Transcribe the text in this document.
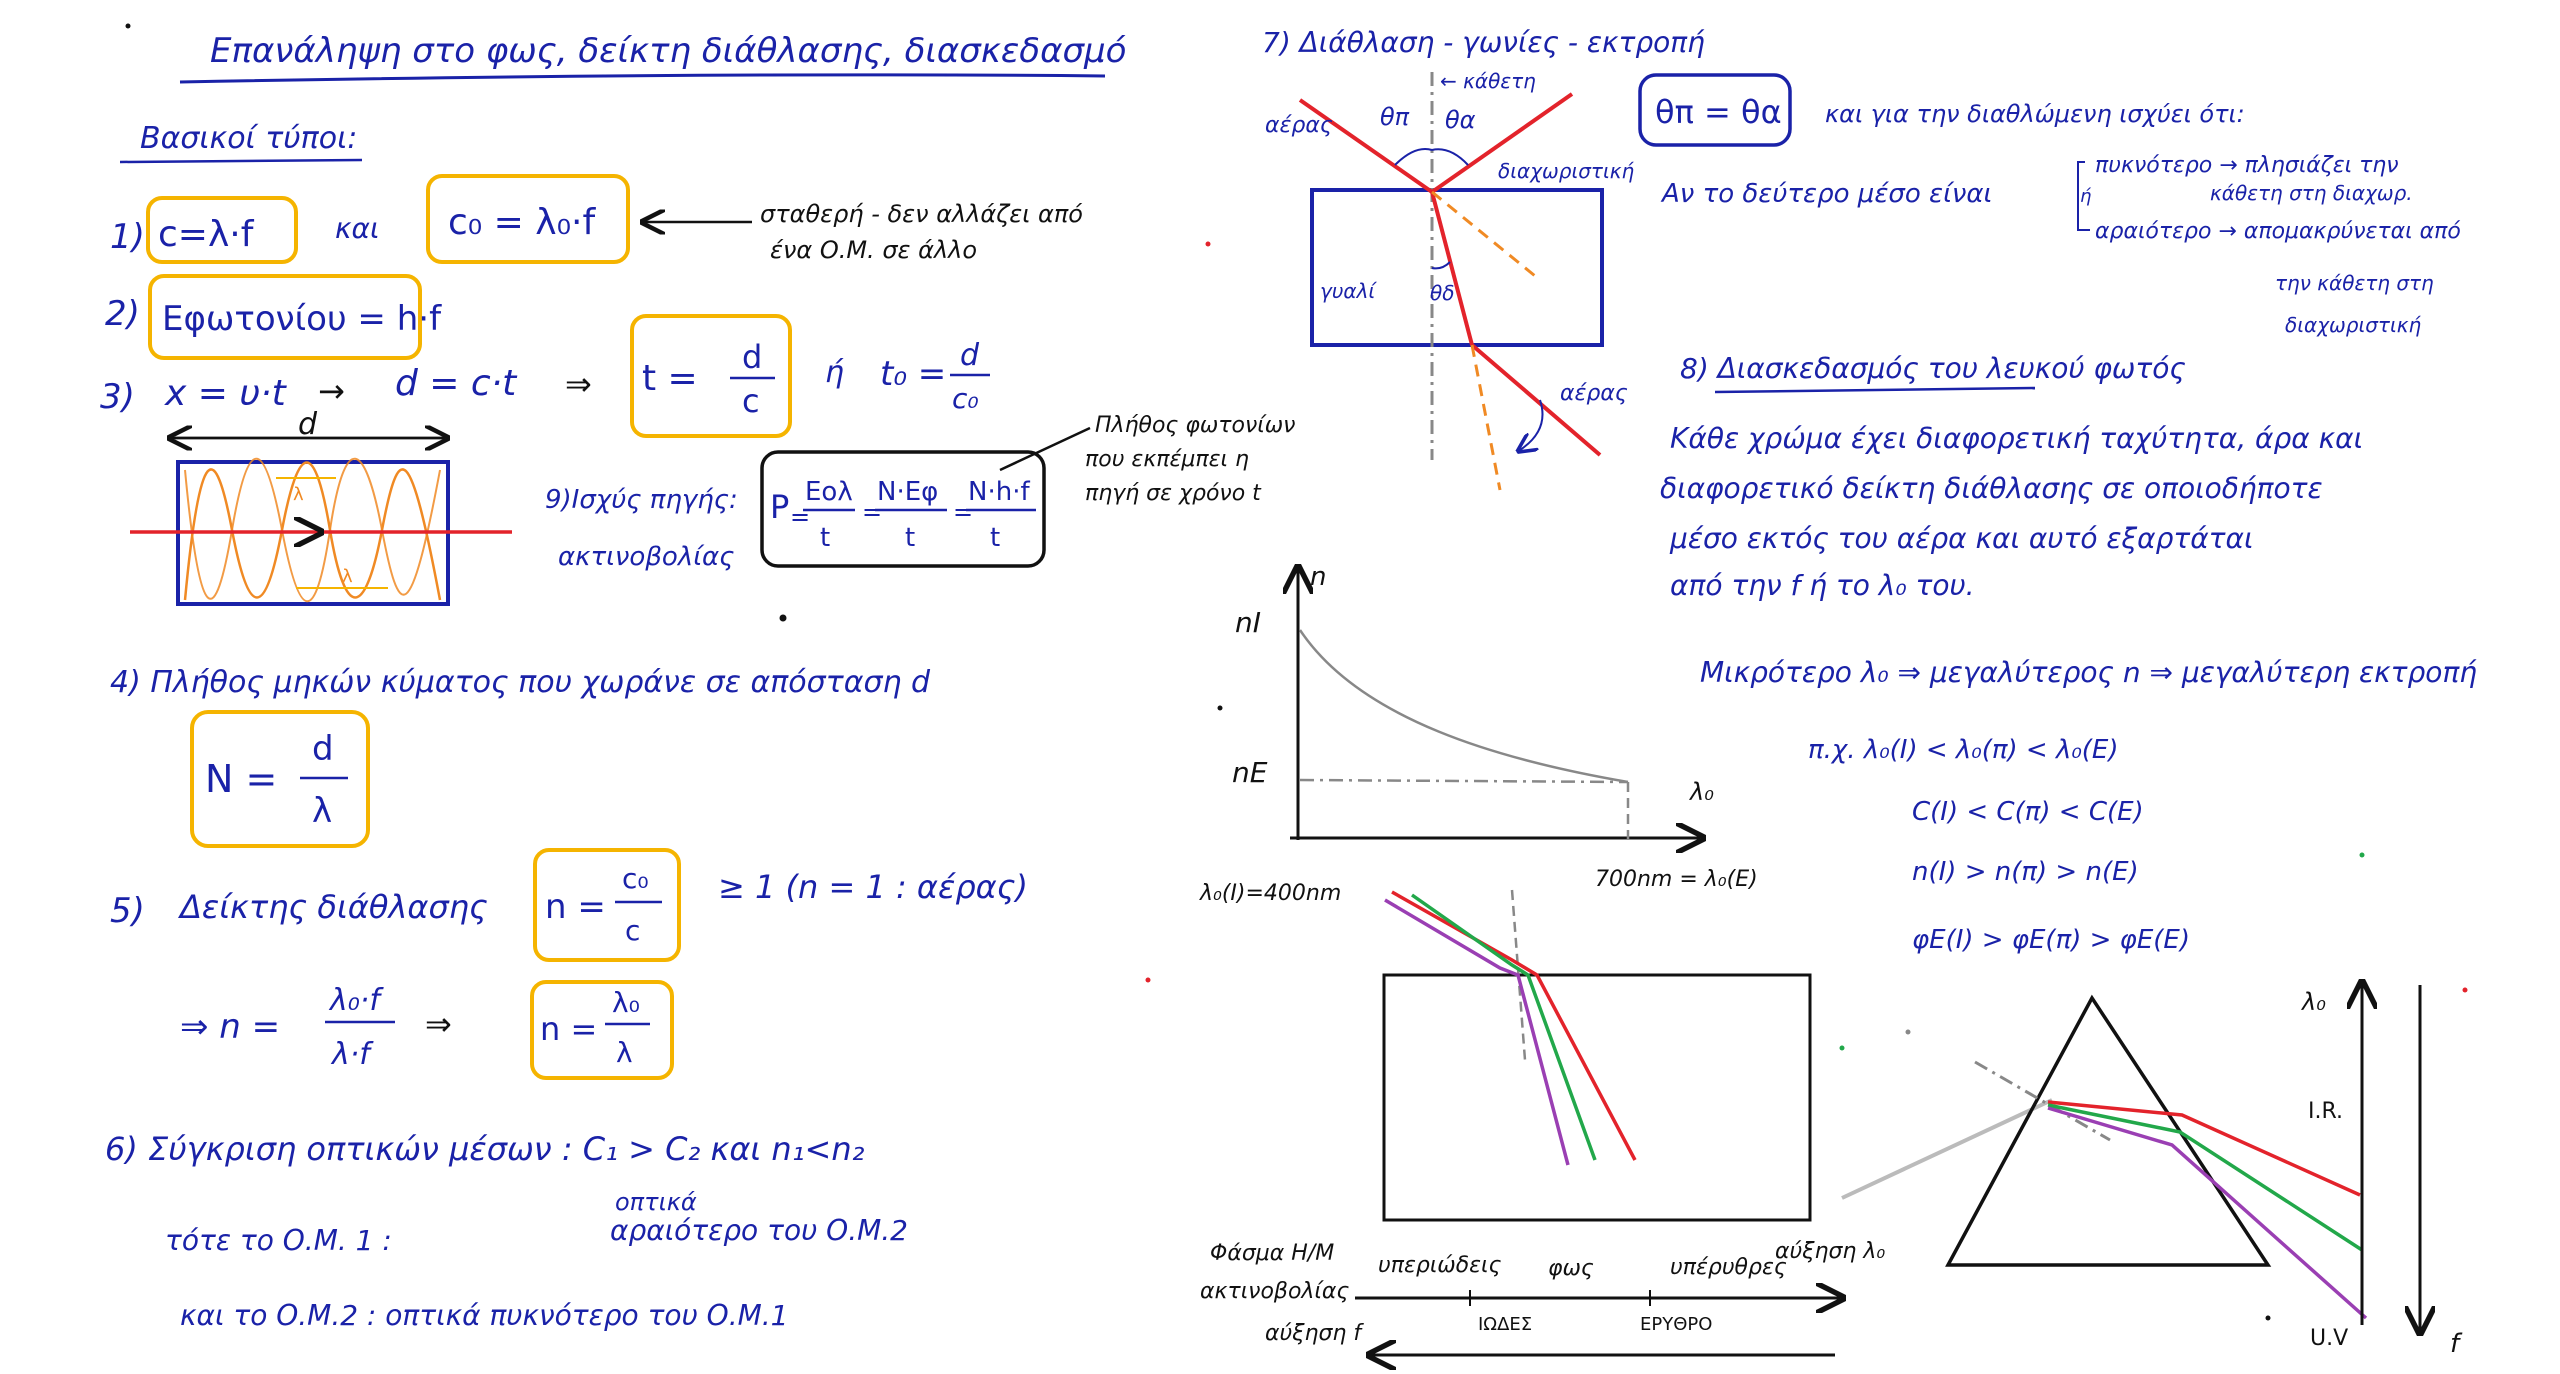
Επανάληψη στο φως, δείκτη διάθλασης, διασκεδασμό
Βασικοί τύποι:
1) c=λ·f	και c₀ = λ₀·f	σταθερή - δεν αλλάζει από
ένα Ο.Μ. σε άλλο
2) Eφωτονίου = h·f
3) x = υ·t → d = c·t ⇒ t =
d
c
ή t₀ = d
c₀
d
λ
λ
9)Ισχύς πηγής:
ακτινοβολίας
P =
Eολ
t
=
N·Eφ
t
=
N·h·f
t
Πλήθος φωτονίων
που εκπέμπει η
πηγή σε χρόνο t
4) Πλήθος μηκών κύματος που χωράνε σε απόσταση d
N =
d
λ
5) Δείκτης διάθλασης n =
c₀
c
≥ 1 (n = 1 : αέρας)
⇒ n =
λ₀·f
λ·f
⇒	n =
λ₀
λ
6) Σύγκριση οπτικών μέσων : C₁ > C₂ και n₁<n₂
τότε το Ο.Μ. 1 :
οπτικά
αραιότερο του Ο.Μ.2
και το Ο.Μ.2 : οπτικά πυκνότερο του Ο.Μ.1
7) Διάθλαση - γωνίες - εκτροπή
← κάθετη
αέρας θπ θα
διαχωριστική
γυαλί	θδ
αέρας
θπ = θα και για την διαθλώμενη ισχύει ότι:
Αν το δεύτερο μέσο είναι	ή
πυκνότερο → πλησιάζει την
κάθετη στη διαχωρ.
αραιότερο → απομακρύνεται από
την κάθετη στη
διαχωριστική
8) Διασκεδασμός του λευκού φωτός
Κάθε χρώμα έχει διαφορετική ταχύτητα, άρα και
διαφορετικό δείκτη διάθλασης σε οποιοδήποτε
μέσο εκτός του αέρα και αυτό εξαρτάται
από την f ή το λ₀ του.
Μικρότερο λ₀ ⇒ μεγαλύτερος n ⇒ μεγαλύτερη εκτροπή
π.χ. λ₀(I) < λ₀(π) < λ₀(E)
C(I) < C(π) < C(E)
n(I) > n(π) > n(E)
φE(I) > φE(π) > φE(E)
n
nI
nE
λ₀
λ₀(I)=400nm
700nm = λ₀(E)
Φάσμα Η/Μ
ακτινοβολίας
υπεριώδεις φως	υπέρυθρες
αύξηση λ₀
ΙΩΔΕΣ	ΕΡΥΘΡΟ
αύξηση f
λ₀
I.R.
U.V	f
